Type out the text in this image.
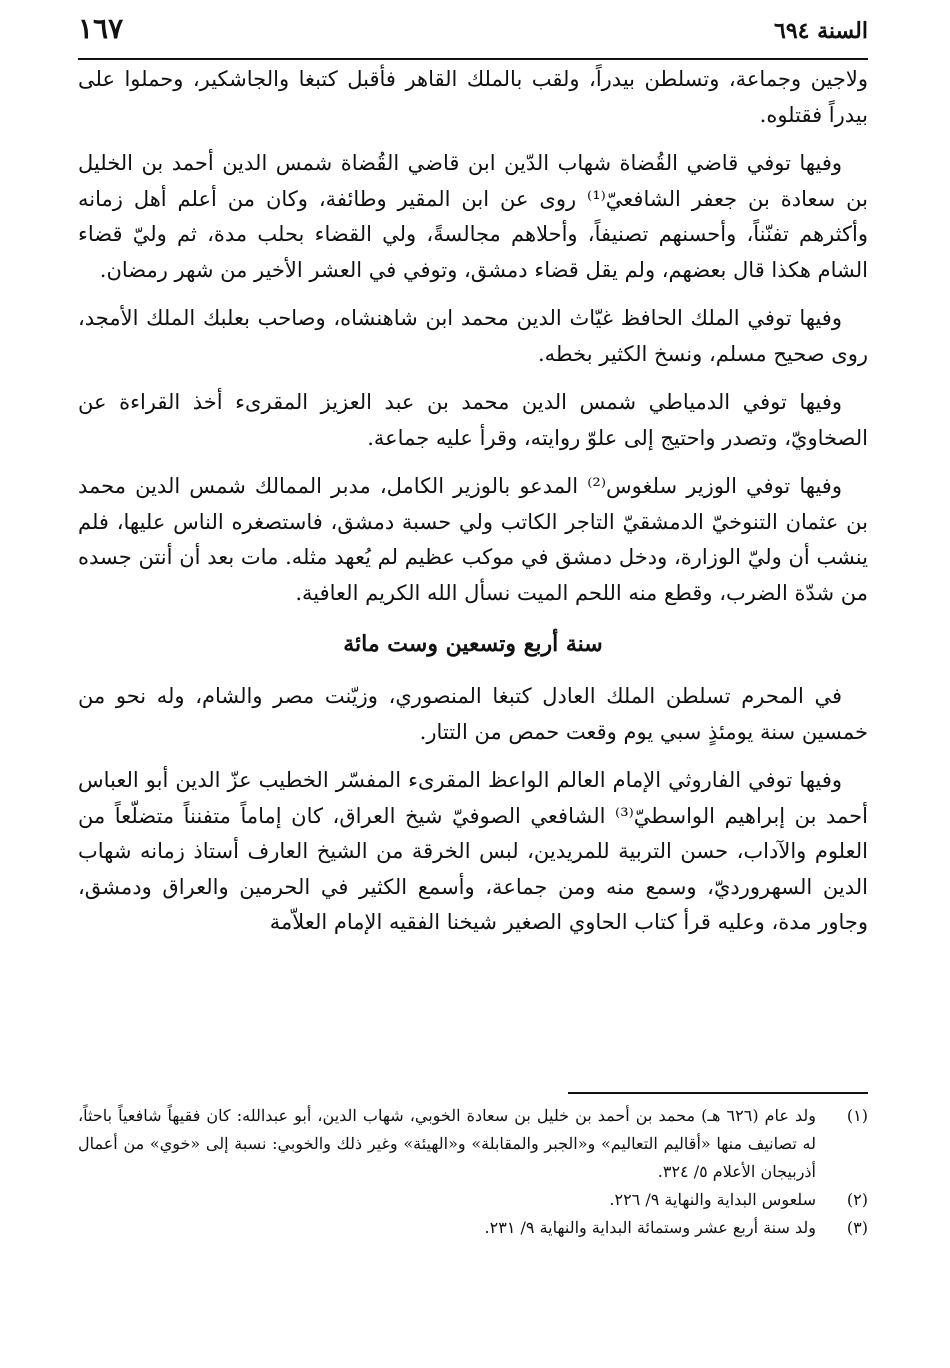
السنة ٦٩٤
١٦٧

ولاجين وجماعة، وتسلطن بيدراً، ولقب بالملك القاهر فأقبل كتبغا والجاشكير، وحملوا على بيدراً فقتلوه.

وفيها توفي قاضي القُضاة شهاب الدّين ابن قاضي القُضاة شمس الدين أحمد بن الخليل بن سعادة بن جعفر الشافعيّ⁽¹⁾ روى عن ابن المقير وطائفة، وكان من أعلم أهل زمانه وأكثرهم تفنّناً، وأحسنهم تصنيفاً، وأحلاهم مجالسةً، ولي القضاء بحلب مدة، ثم وليّ قضاء الشام هكذا قال بعضهم، ولم يقل قضاء دمشق، وتوفي في العشر الأخير من شهر رمضان.

وفيها توفي الملك الحافظ غيّاث الدين محمد ابن شاهنشاه، وصاحب بعلبك الملك الأمجد، روى صحيح مسلم، ونسخ الكثير بخطه.

وفيها توفي الدمياطي شمس الدين محمد بن عبد العزيز المقرىء أخذ القراءة عن الصخاويّ، وتصدر واحتيج إلى علوّ روايته، وقرأ عليه جماعة.

وفيها توفي الوزير سلغوس⁽²⁾ المدعو بالوزير الكامل، مدبر الممالك شمس الدين محمد بن عثمان التنوخيّ الدمشقيّ التاجر الكاتب ولي حسبة دمشق، فاستصغره الناس عليها، فلم ينشب أن وليّ الوزارة، ودخل دمشق في موكب عظيم لم يُعهد مثله. مات بعد أن أنتن جسده من شدّة الضرب، وقطع منه اللحم الميت نسأل الله الكريم العافية.

سنة أربع وتسعين وست مائة

في المحرم تسلطن الملك العادل كتبغا المنصوري، وزيّنت مصر والشام، وله نحو من خمسين سنة يومئذٍ سبي يوم وقعت حمص من التتار.

وفيها توفي الفاروثي الإمام العالم الواعظ المقرىء المفسّر الخطيب عزّ الدين أبو العباس أحمد بن إبراهيم الواسطيّ⁽³⁾ الشافعي الصوفيّ شيخ العراق، كان إماماً متفنناً متضلّعاً من العلوم والآداب، حسن التربية للمريدين، لبس الخرقة من الشيخ العارف أستاذ زمانه شهاب الدين السهرورديّ، وسمع منه ومن جماعة، وأسمع الكثير في الحرمين والعراق ودمشق، وجاور مدة، وعليه قرأ كتاب الحاوي الصغير شيخنا الفقيه الإمام العلاّمة

(١)
ولد عام (٦٢٦ هـ) محمد بن أحمد بن خليل بن سعادة الخوبي، شهاب الدين، أبو عبدالله: كان فقيهاً شافعياً باحثاً، له تصانيف منها «أقاليم التعاليم» و«الجبر والمقابلة» و«الهيئة» وغير ذلك والخوبي: نسبة إلى «خوي» من أعمال أذربيجان الأعلام ٥/ ٣٢٤.
(٢)
سلعوس البداية والنهاية ٩/ ٢٢٦.
(٣)
ولد سنة أربع عشر وستمائة البداية والنهاية ٩/ ٢٣١.
